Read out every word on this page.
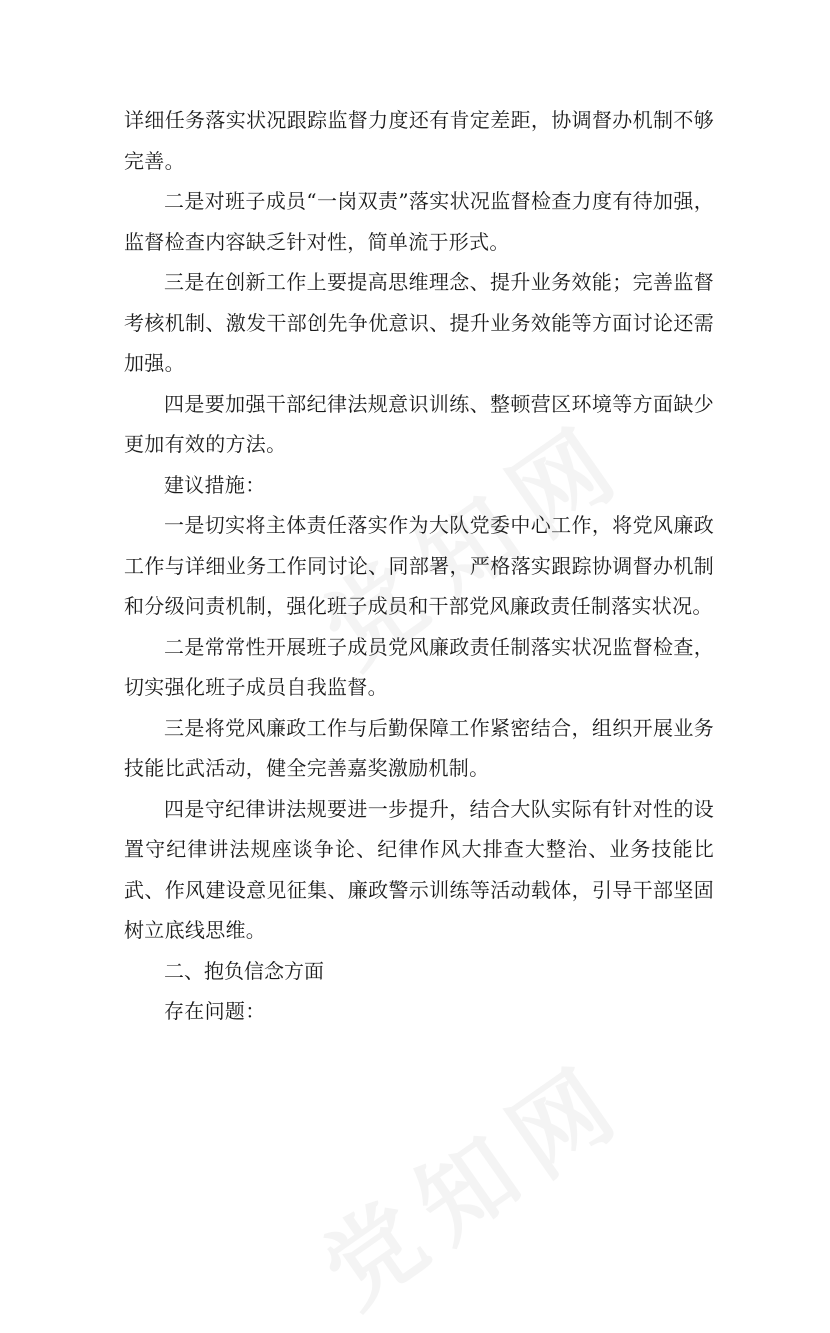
详细任务落实状况跟踪监督力度还有肯定差距，协调督办机制不够完善。

二是对班子成员“一岗双责”落实状况监督检查力度有待加强，监督检查内容缺乏针对性，简单流于形式。

三是在创新工作上要提高思维理念、提升业务效能；完善监督考核机制、激发干部创先争优意识、提升业务效能等方面讨论还需加强。

四是要加强干部纪律法规意识训练、整顿营区环境等方面缺少更加有效的方法。

建议措施：

一是切实将主体责任落实作为大队党委中心工作，将党风廉政工作与详细业务工作同讨论、同部署，严格落实跟踪协调督办机制和分级问责机制，强化班子成员和干部党风廉政责任制落实状况。

二是常常性开展班子成员党风廉政责任制落实状况监督检查，切实强化班子成员自我监督。

三是将党风廉政工作与后勤保障工作紧密结合，组织开展业务技能比武活动，健全完善嘉奖激励机制。

四是守纪律讲法规要进一步提升，结合大队实际有针对性的设置守纪律讲法规座谈争论、纪律作风大排查大整治、业务技能比武、作风建设意见征集、廉政警示训练等活动载体，引导干部坚固树立底线思维。

二、抱负信念方面

存在问题：
